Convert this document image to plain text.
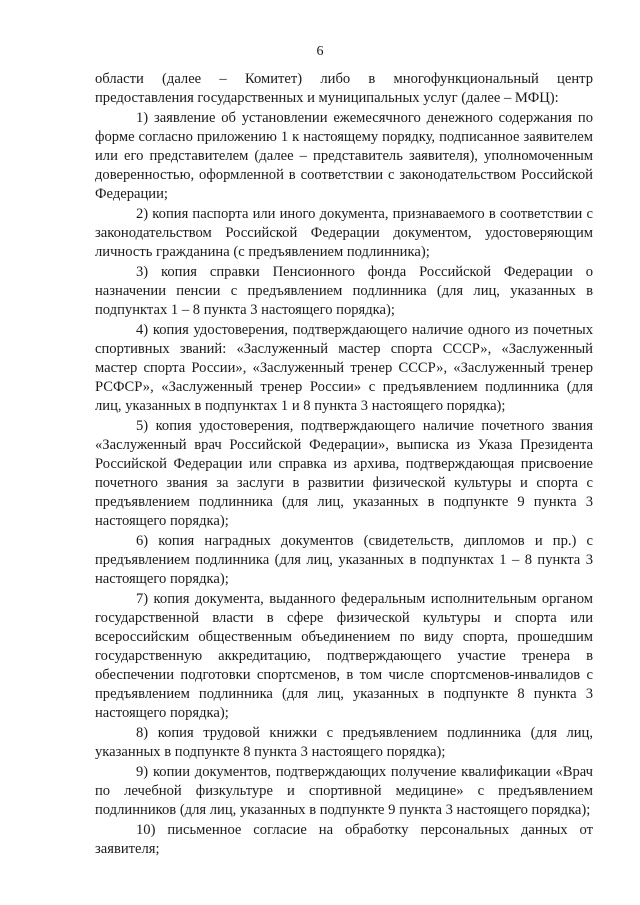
6

области (далее – Комитет) либо в многофункциональный центр предоставления государственных и муниципальных услуг (далее – МФЦ):

1) заявление об установлении ежемесячного денежного содержания по форме согласно приложению 1 к настоящему порядку, подписанное заявителем или его представителем (далее – представитель заявителя), уполномоченным доверенностью, оформленной в соответствии с законодательством Российской Федерации;

2) копия паспорта или иного документа, признаваемого в соответствии с законодательством Российской Федерации документом, удостоверяющим личность гражданина (с предъявлением подлинника);

3) копия справки Пенсионного фонда Российской Федерации о назначении пенсии с предъявлением подлинника (для лиц, указанных в подпунктах 1 – 8 пункта 3 настоящего порядка);

4) копия удостоверения, подтверждающего наличие одного из почетных спортивных званий: «Заслуженный мастер спорта СССР», «Заслуженный мастер спорта России», «Заслуженный тренер СССР», «Заслуженный тренер РСФСР», «Заслуженный тренер России» с предъявлением подлинника (для лиц, указанных в подпунктах 1 и 8 пункта 3 настоящего порядка);

5) копия удостоверения, подтверждающего наличие почетного звания «Заслуженный врач Российской Федерации», выписка из Указа Президента Российской Федерации или справка из архива, подтверждающая присвоение почетного звания за заслуги в развитии физической культуры и спорта с предъявлением подлинника (для лиц, указанных в подпункте 9 пункта 3 настоящего порядка);

6) копия наградных документов (свидетельств, дипломов и пр.) с предъявлением подлинника (для лиц, указанных в подпунктах 1 – 8 пункта 3 настоящего порядка);

7) копия документа, выданного федеральным исполнительным органом государственной власти в сфере физической культуры и спорта или всероссийским общественным объединением по виду спорта, прошедшим государственную аккредитацию, подтверждающего участие тренера в обеспечении подготовки спортсменов, в том числе спортсменов-инвалидов с предъявлением подлинника (для лиц, указанных в подпункте 8 пункта 3 настоящего порядка);

8) копия трудовой книжки с предъявлением подлинника (для лиц, указанных в подпункте 8 пункта 3 настоящего порядка);

9) копии документов, подтверждающих получение квалификации «Врач по лечебной физкультуре и спортивной медицине» с предъявлением подлинников (для лиц, указанных в подпункте 9 пункта 3 настоящего порядка);

10) письменное согласие на обработку персональных данных от заявителя;
